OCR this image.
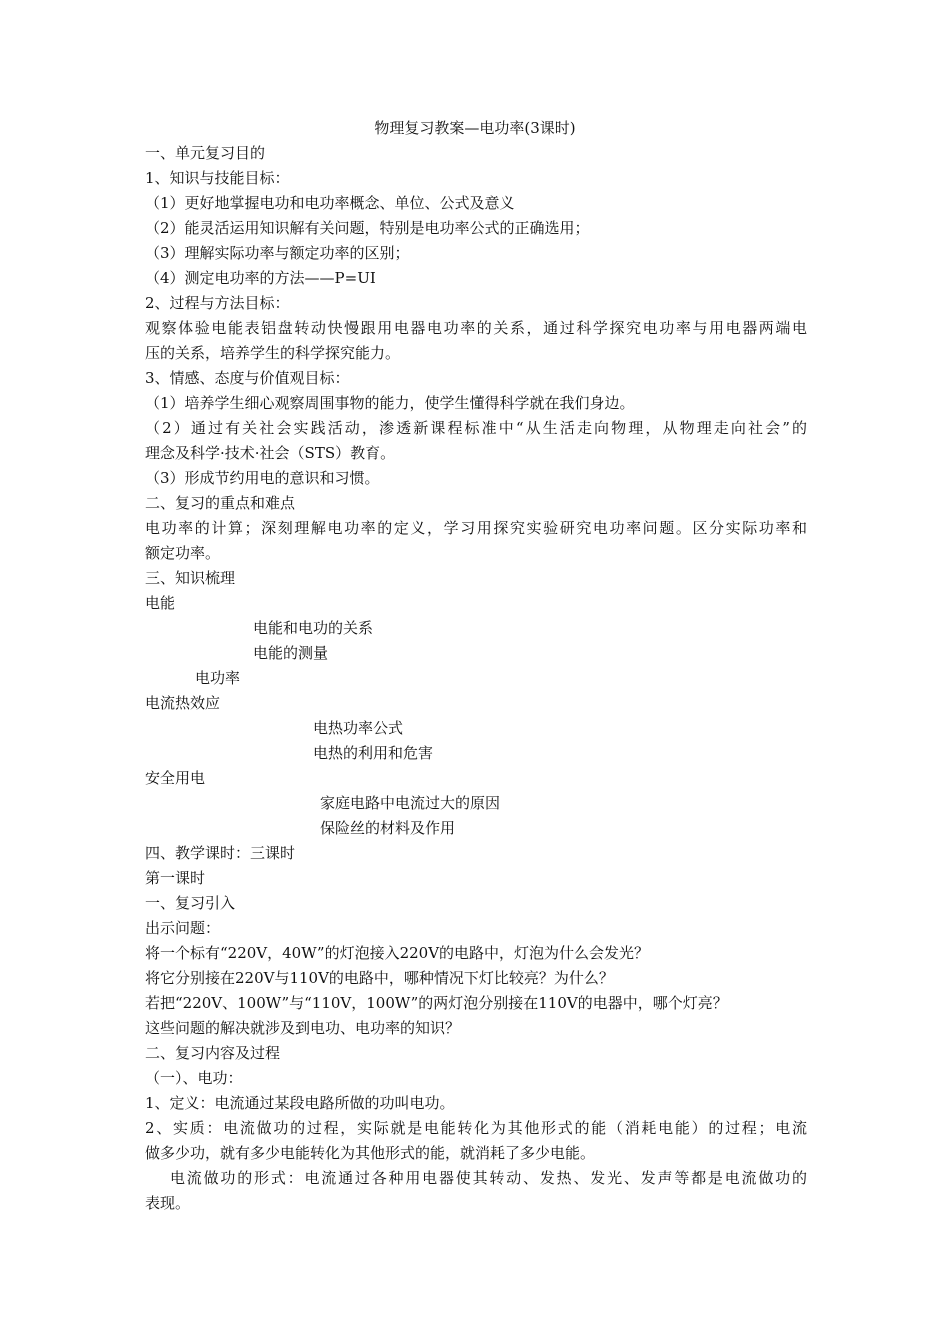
物理复习教案—电功率(3课时)
一、单元复习目的
1、知识与技能目标：
（1）更好地掌握电功和电功率概念、单位、公式及意义
（2）能灵活运用知识解有关问题，特别是电功率公式的正确选用；
（3）理解实际功率与额定功率的区别；
（4）测定电功率的方法——P=UI
2、过程与方法目标：
观察体验电能表铝盘转动快慢跟用电器电功率的关系，通过科学探究电功率与用电器两端电
压的关系，培养学生的科学探究能力。
3、情感、态度与价值观目标：
（1）培养学生细心观察周围事物的能力，使学生懂得科学就在我们身边。
（2）通过有关社会实践活动，渗透新课程标准中“从生活走向物理，从物理走向社会”的
理念及科学·技术·社会（STS）教育。
（3）形成节约用电的意识和习惯。
二、复习的重点和难点
电功率的计算；深刻理解电功率的定义，学习用探究实验研究电功率问题。区分实际功率和
额定功率。
三、知识梳理
电能
电能和电功的关系
电能的测量
电功率
电流热效应
电热功率公式
电热的利用和危害
安全用电
家庭电路中电流过大的原因
保险丝的材料及作用
四、教学课时：三课时
第一课时
一、复习引入
出示问题：
将一个标有“220V，40W”的灯泡接入220V的电路中，灯泡为什么会发光？
将它分别接在220V与110V的电路中，哪种情况下灯比较亮？为什么？
若把“220V、100W”与“110V，100W”的两灯泡分别接在110V的电器中，哪个灯亮？
这些问题的解决就涉及到电功、电功率的知识？
二、复习内容及过程
（一）、电功：
1、定义：电流通过某段电路所做的功叫电功。
2、实质：电流做功的过程，实际就是电能转化为其他形式的能（消耗电能）的过程；电流
做多少功，就有多少电能转化为其他形式的能，就消耗了多少电能。
电流做功的形式：电流通过各种用电器使其转动、发热、发光、发声等都是电流做功的
表现。
